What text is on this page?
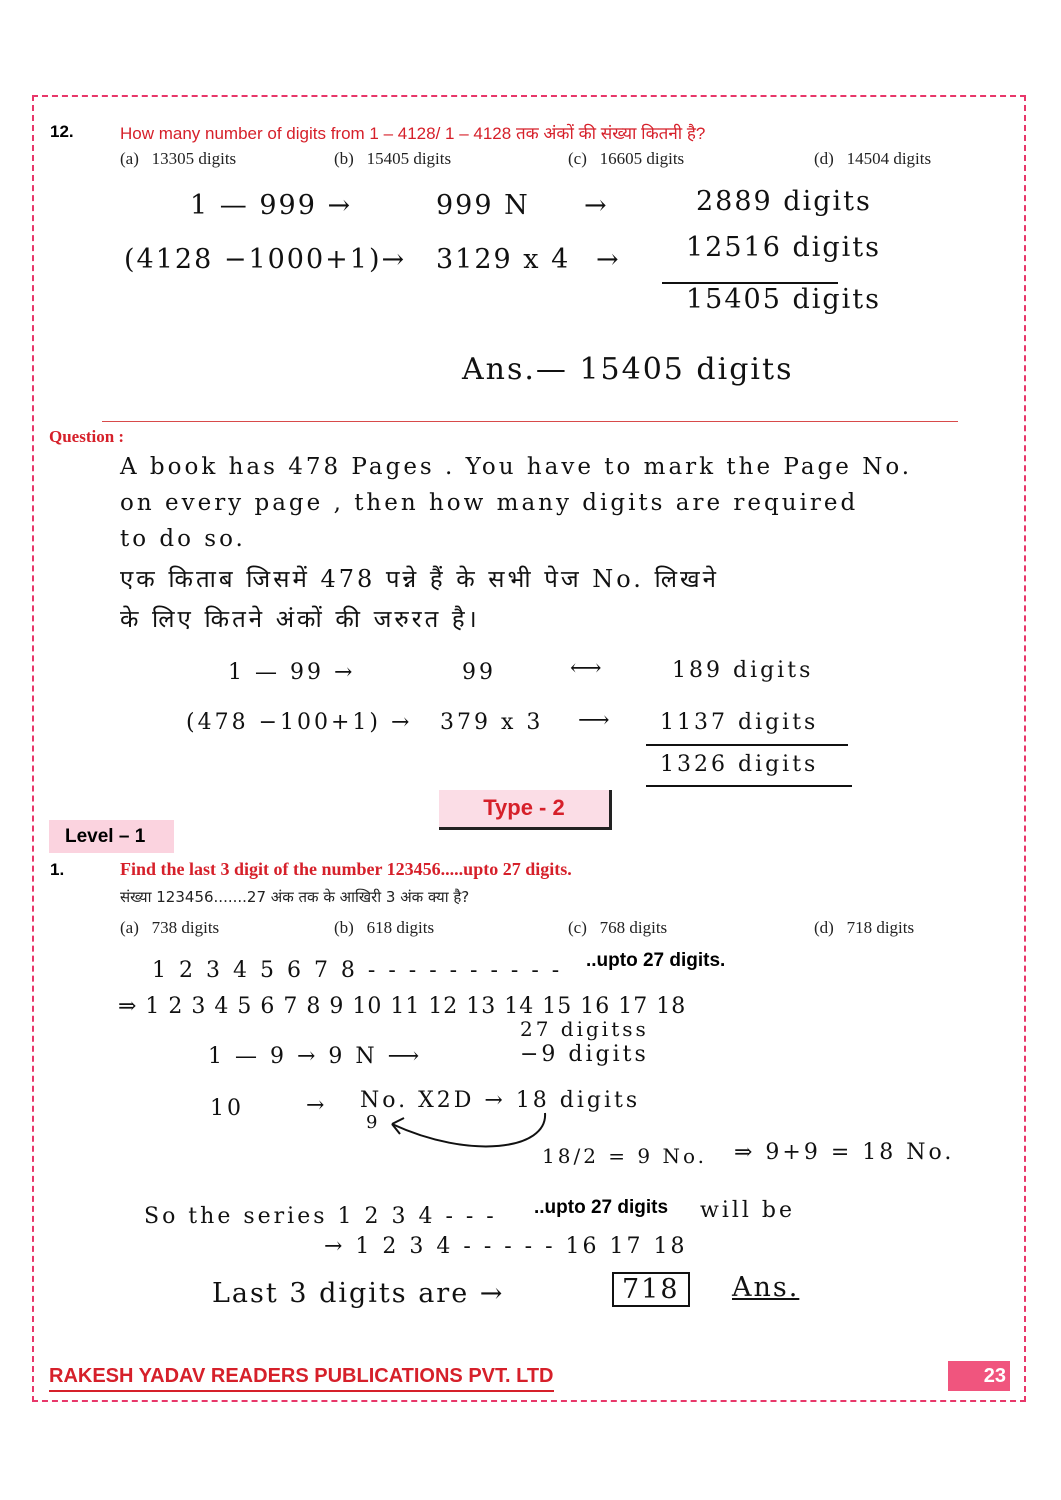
12.	How many number of digits from 1 – 4128/ 1 – 4128 तक अंकों की संख्या कितनी है?
(a) 13305 digits	(b) 15405 digits	(c) 16605 digits	(d) 14504 digits
1 — 999 →	999 N →	2889 digits
(4128 −1000+1)→ 3129 x 4 → 12516 digits
15405 digits
Ans.— 15405 digits
Question :
A book has 478 Pages . You have to mark the Page No.
on every page , then how many digits are required
to do so.
एक किताब जिसमें 478 पन्ने हैं के सभी पेज No. लिखने
के लिए कितने अंकों की जरुरत है।
1 — 99 →	99	⟷	189 digits
(478 −100+1) → 379 x 3 ⟶ 1137 digits
1326 digits
Type - 2
Level – 1
1.	Find the last 3 digit of the number 123456.....upto 27 digits.
संख्या 123456.......27 अंक तक के आखिरी 3 अंक क्या है?
(a) 738 digits	(b) 618 digits	(c) 768 digits	(d) 718 digits
1 2 3 4 5 6 7 8 - - - - - - - - - - ..upto 27 digits.
⇒ 1 2 3 4 5 6 7 8 9 10 11 12 13 14 15 16 17 18
27 digitss
1 — 9 → 9 N ⟶	−9 digits
10	→ No. X2D → 18 digits
9
18/2 = 9 No. ⇒ 9+9 = 18 No.
So the series 1 2 3 4 - - - ..upto 27 digits will be
→ 1 2 3 4 - - - - - 16 17 18
Last 3 digits are →	718	Ans.
RAKESH YADAV READERS PUBLICATIONS PVT. LTD	23
